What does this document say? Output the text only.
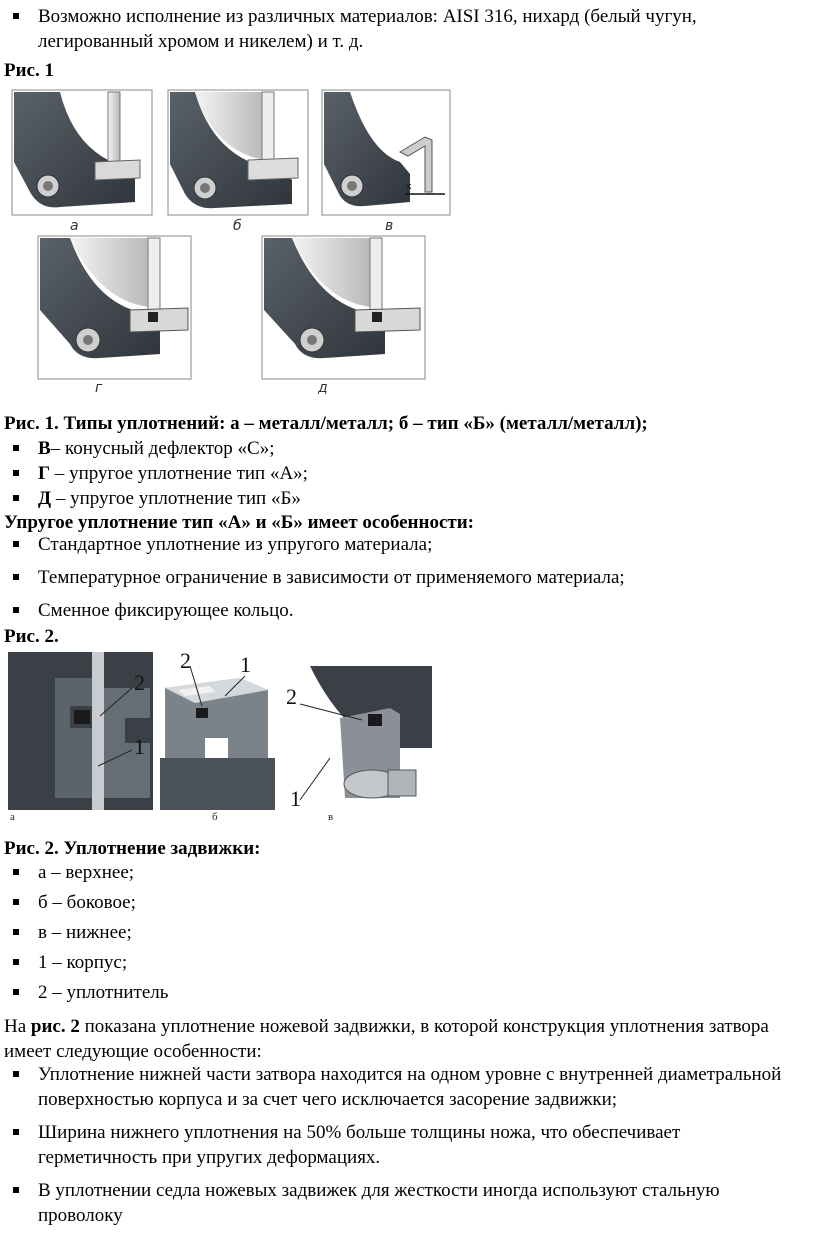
Возможно исполнение из различных материалов: AISI 316, нихард (белый чугун, легированный хромом и никелем) и т. д.
Рис. 1
x
а	б	в
г	д
Рис. 1. Типы уплотнений: а – металл/металл; б – тип «Б» (металл/металл);
В– конусный дефлектор «С»;
Г – упругое уплотнение тип «А»;
Д – упругое уплотнение тип «Б»
Упругое уплотнение тип «А» и «Б» имеет особенности:
Стандартное уплотнение из упругого материала;
Температурное ограничение в зависимости от применяемого материала;
Сменное фиксирующее кольцо.
Рис. 2.
2
1
а
2 1
б
2
1
в
Рис. 2. Уплотнение задвижки:
а – верхнее;
б – боковое;
в – нижнее;
1 – корпус;
2 – уплотнитель
На рис. 2 показана уплотнение ножевой задвижки, в которой конструкция уплотнения затвора имеет следующие особенности:
Уплотнение нижней части затвора находится на одном уровне с внутренней диаметральной поверхностью корпуса и за счет чего исключается засорение задвижки;
Ширина нижнего уплотнения на 50% больше толщины ножа, что обеспечивает герметичность при упругих деформациях.
В уплотнении седла ножевых задвижек для жесткости иногда используют стальную проволоку
